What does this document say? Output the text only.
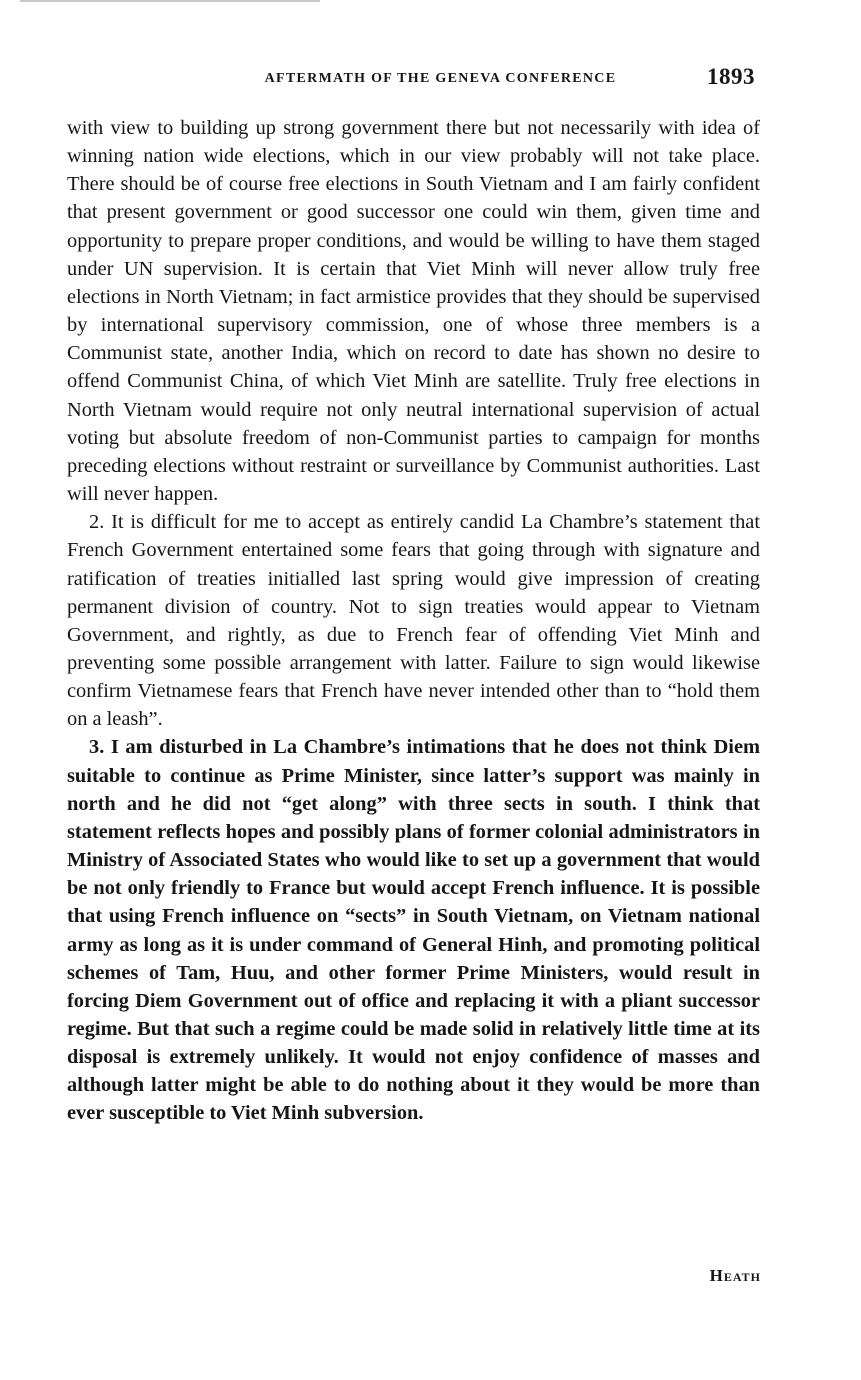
AFTERMATH OF THE GENEVA CONFERENCE	1893

with view to building up strong government there but not necessarily with idea of winning nation wide elections, which in our view probably will not take place. There should be of course free elections in South Vietnam and I am fairly confident that present government or good successor one could win them, given time and opportunity to prepare proper conditions, and would be willing to have them staged under UN supervision. It is certain that Viet Minh will never allow truly free elections in North Vietnam; in fact armistice provides that they should be supervised by international supervisory commission, one of whose three members is a Communist state, another India, which on record to date has shown no desire to offend Communist China, of which Viet Minh are satellite. Truly free elections in North Vietnam would require not only neutral international supervision of actual voting but absolute freedom of non-Communist parties to campaign for months preceding elections without restraint or surveillance by Communist authorities. Last will never happen.

2. It is difficult for me to accept as entirely candid La Chambre’s statement that French Government entertained some fears that going through with signature and ratification of treaties initialled last spring would give impression of creating permanent division of country. Not to sign treaties would appear to Vietnam Government, and rightly, as due to French fear of offending Viet Minh and preventing some possible arrangement with latter. Failure to sign would likewise confirm Vietnamese fears that French have never intended other than to “hold them on a leash”.

3. I am disturbed in La Chambre’s intimations that he does not think Diem suitable to continue as Prime Minister, since latter’s support was mainly in north and he did not “get along” with three sects in south. I think that statement reflects hopes and possibly plans of former colonial administrators in Ministry of Associated States who would like to set up a government that would be not only friendly to France but would accept French influence. It is possible that using French influence on “sects” in South Vietnam, on Vietnam national army as long as it is under command of General Hinh, and promoting political schemes of Tam, Huu, and other former Prime Ministers, would result in forcing Diem Government out of office and replacing it with a pliant successor regime. But that such a regime could be made solid in relatively little time at its disposal is extremely unlikely. It would not enjoy confidence of masses and although latter might be able to do nothing about it they would be more than ever susceptible to Viet Minh subversion.

Heath
